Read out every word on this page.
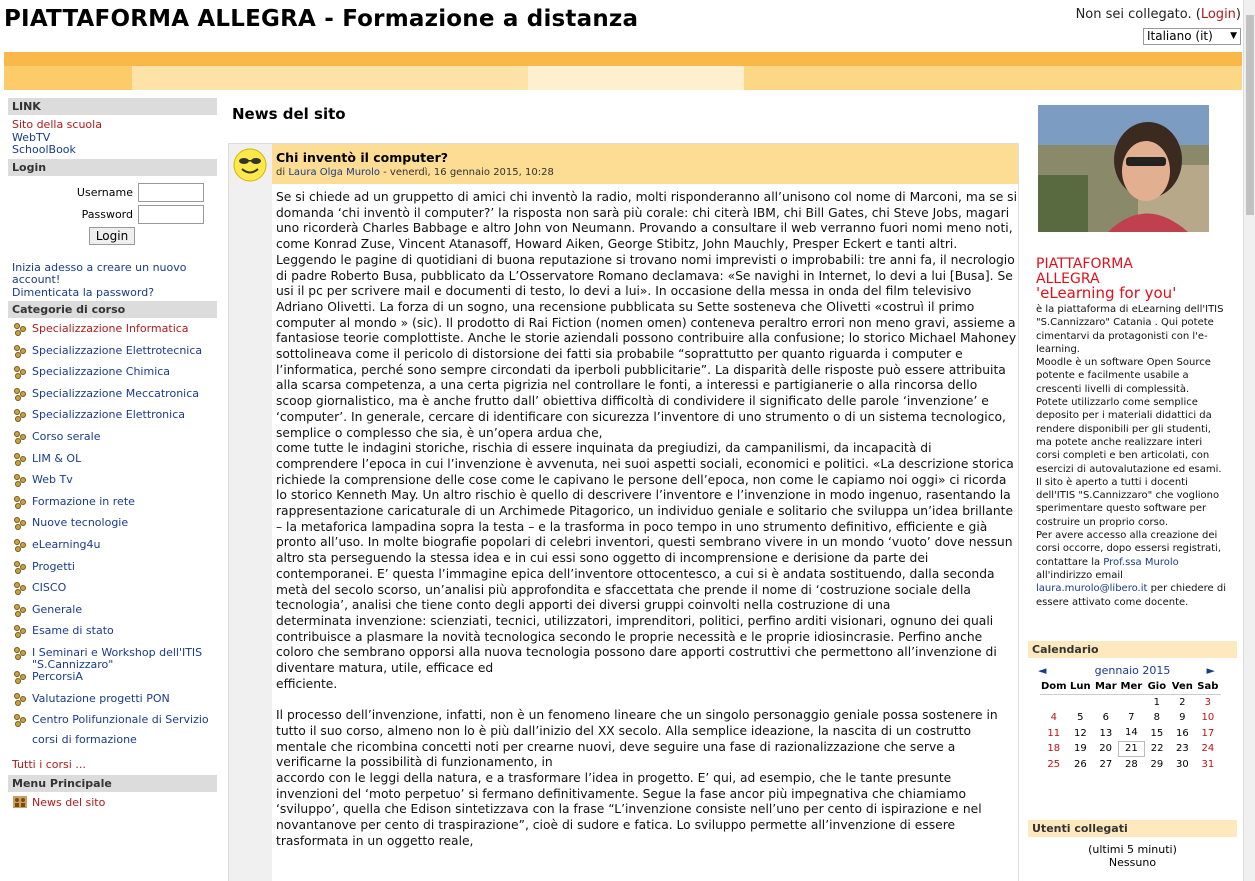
PIATTAFORMA ALLEGRA - Formazione a distanza	Non sei collegato. (Login)
Italiano (it) ▼
LINK
Sito della scuola
WebTV
SchoolBook
Login
Username
Password
Login
Inizia adesso a creare un nuovo account!
Dimenticata la password?
Categorie di corso
Specializzazione Informatica
Specializzazione Elettrotecnica
Specializzazione Chimica
Specializzazione Meccatronica
Specializzazione Elettronica
Corso serale
LIM & OL
Web Tv
Formazione in rete
Nuove tecnologie
eLearning4u
Progetti
CISCO
Generale
Esame di stato
I Seminari e Workshop dell'ITIS "S.Cannizzaro"
PercorsiA
Valutazione progetti PON
Centro Polifunzionale di Servizio
corsi di formazione
Tutti i corsi ...
Menu Principale
News del sito
News del sito
Chi inventò il computer?
di Laura Olga Murolo - venerdì, 16 gennaio 2015, 10:28

Se si chiede ad un gruppetto di amici chi inventò la radio, molti risponderanno all’unisono col nome di Marconi, ma se si domanda ‘chi inventò il computer?’ la risposta non sarà più corale: chi citerà IBM, chi Bill Gates, chi Steve Jobs, magari uno ricorderà Charles Babbage e altro John von Neumann. Provando a consultare il web verranno fuori nomi meno noti, come Konrad Zuse, Vincent Atanasoff, Howard Aiken, George Stibitz, John Mauchly, Presper Eckert e tanti altri. Leggendo le pagine di quotidiani di buona reputazione si trovano nomi imprevisti o improbabili: tre anni fa, il necrologio di padre Roberto Busa, pubblicato da L’Osservatore Romano declamava: «Se navighi in Internet, lo devi a lui [Busa]. Se usi il pc per scrivere mail e documenti di testo, lo devi a lui». In occasione della messa in onda del film televisivo Adriano Olivetti. La forza di un sogno, una recensione pubblicata su Sette sosteneva che Olivetti «costruì il primo computer al mondo » (sic). Il prodotto di Rai Fiction (nomen omen) conteneva peraltro errori non meno gravi, assieme a fantasiose teorie complottiste. Anche le storie aziendali possono contribuire alla confusione; lo storico Michael Mahoney sottolineava come il pericolo di distorsione dei fatti sia probabile “soprattutto per quanto riguarda i computer e l’informatica, perché sono sempre circondati da iperboli pubblicitarie”. La disparità delle risposte può essere attribuita alla scarsa competenza, a una certa pigrizia nel controllare le fonti, a interessi e partigianerie o alla rincorsa dello scoop giornalistico, ma è anche frutto dall’ obiettiva difficoltà di condividere il significato delle parole ‘invenzione’ e ‘computer’. In generale, cercare di identificare con sicurezza l’inventore di uno strumento o di un sistema tecnologico, semplice o complesso che sia, è un’opera ardua che,

come tutte le indagini storiche, rischia di essere inquinata da pregiudizi, da campanilismi, da incapacità di comprendere l’epoca in cui l’invenzione è avvenuta, nei suoi aspetti sociali, economici e politici. «La descrizione storica richiede la comprensione delle cose come le capivano le persone dell’epoca, non come le capiamo noi oggi» ci ricorda lo storico Kenneth May. Un altro rischio è quello di descrivere l’inventore e l’invenzione in modo ingenuo, rasentando la rappresentazione caricaturale di un Archimede Pitagorico, un individuo geniale e solitario che sviluppa un’idea brillante – la metaforica lampadina sopra la testa – e la trasforma in poco tempo in uno strumento definitivo, efficiente e già pronto all’uso. In molte biografie popolari di celebri inventori, questi sembrano vivere in un mondo ‘vuoto’ dove nessun altro sta perseguendo la stessa idea e in cui essi sono oggetto di incomprensione e derisione da parte dei contemporanei. E’ questa l’immagine epica dell’inventore ottocentesco, a cui si è andata sostituendo, dalla seconda metà del secolo scorso, un’analisi più approfondita e sfaccettata che prende il nome di ‘costruzione sociale della tecnologia’, analisi che tiene conto degli apporti dei diversi gruppi coinvolti nella costruzione di una

determinata invenzione: scienziati, tecnici, utilizzatori, imprenditori, politici, perfino arditi visionari, ognuno dei quali contribuisce a plasmare la novità tecnologica secondo le proprie necessità e le proprie idiosincrasie. Perfino anche coloro che sembrano opporsi alla nuova tecnologia possono dare apporti costruttivi che permettono all’invenzione di diventare matura, utile, efficace ed

efficiente.

Il processo dell’invenzione, infatti, non è un fenomeno lineare che un singolo personaggio geniale possa sostenere in tutto il suo corso, almeno non lo è più dall’inizio del XX secolo. Alla semplice ideazione, la nascita di un costrutto mentale che ricombina concetti noti per crearne nuovi, deve seguire una fase di razionalizzazione che serve a verificarne la possibilità di funzionamento, in

accordo con le leggi della natura, e a trasformare l’idea in progetto. E’ qui, ad esempio, che le tante presunte invenzioni del ‘moto perpetuo’ si fermano definitivamente. Segue la fase ancor più impegnativa che chiamiamo ‘sviluppo’, quella che Edison sintetizzava con la frase “L’invenzione consiste nell’uno per cento di ispirazione e nel novantanove per cento di traspirazione”, cioè di sudore e fatica. Lo sviluppo permette all’invenzione di essere trasformata in un oggetto reale,

PIATTAFORMA
ALLEGRA
'eLearning for you'
è la piattaforma di eLearning dell'ITIS "S.Cannizzaro" Catania . Qui potete cimentarvi da protagonisti con l'e-learning.
Moodle è un software Open Source potente e facilmente usabile a crescenti livelli di complessità.
Potete utilizzarlo come semplice deposito per i materiali didattici da rendere disponibili per gli studenti, ma potete anche realizzare interi corsi completi e ben articolati, con esercizi di autovalutazione ed esami.
Il sito è aperto a tutti i docenti dell'ITIS "S.Cannizzaro" che vogliono sperimentare questo software per costruire un proprio corso.
Per avere accesso alla creazione dei corsi occorre, dopo essersi registrati, contattare la Prof.ssa Murolo all'indirizzo email laura.murolo@libero.it per chiedere di essere attivato come docente.
Calendario
◄	gennaio 2015	►
Dom	Lun	Mar	Mer	Gio	Ven	Sab
				1	2	3
4	5	6	7	8	9	10
11	12	13	14	15	16	17
18	19	20	21	22	23	24
25	26	27	28	29	30	31
Utenti collegati
(ultimi 5 minuti)
Nessuno
